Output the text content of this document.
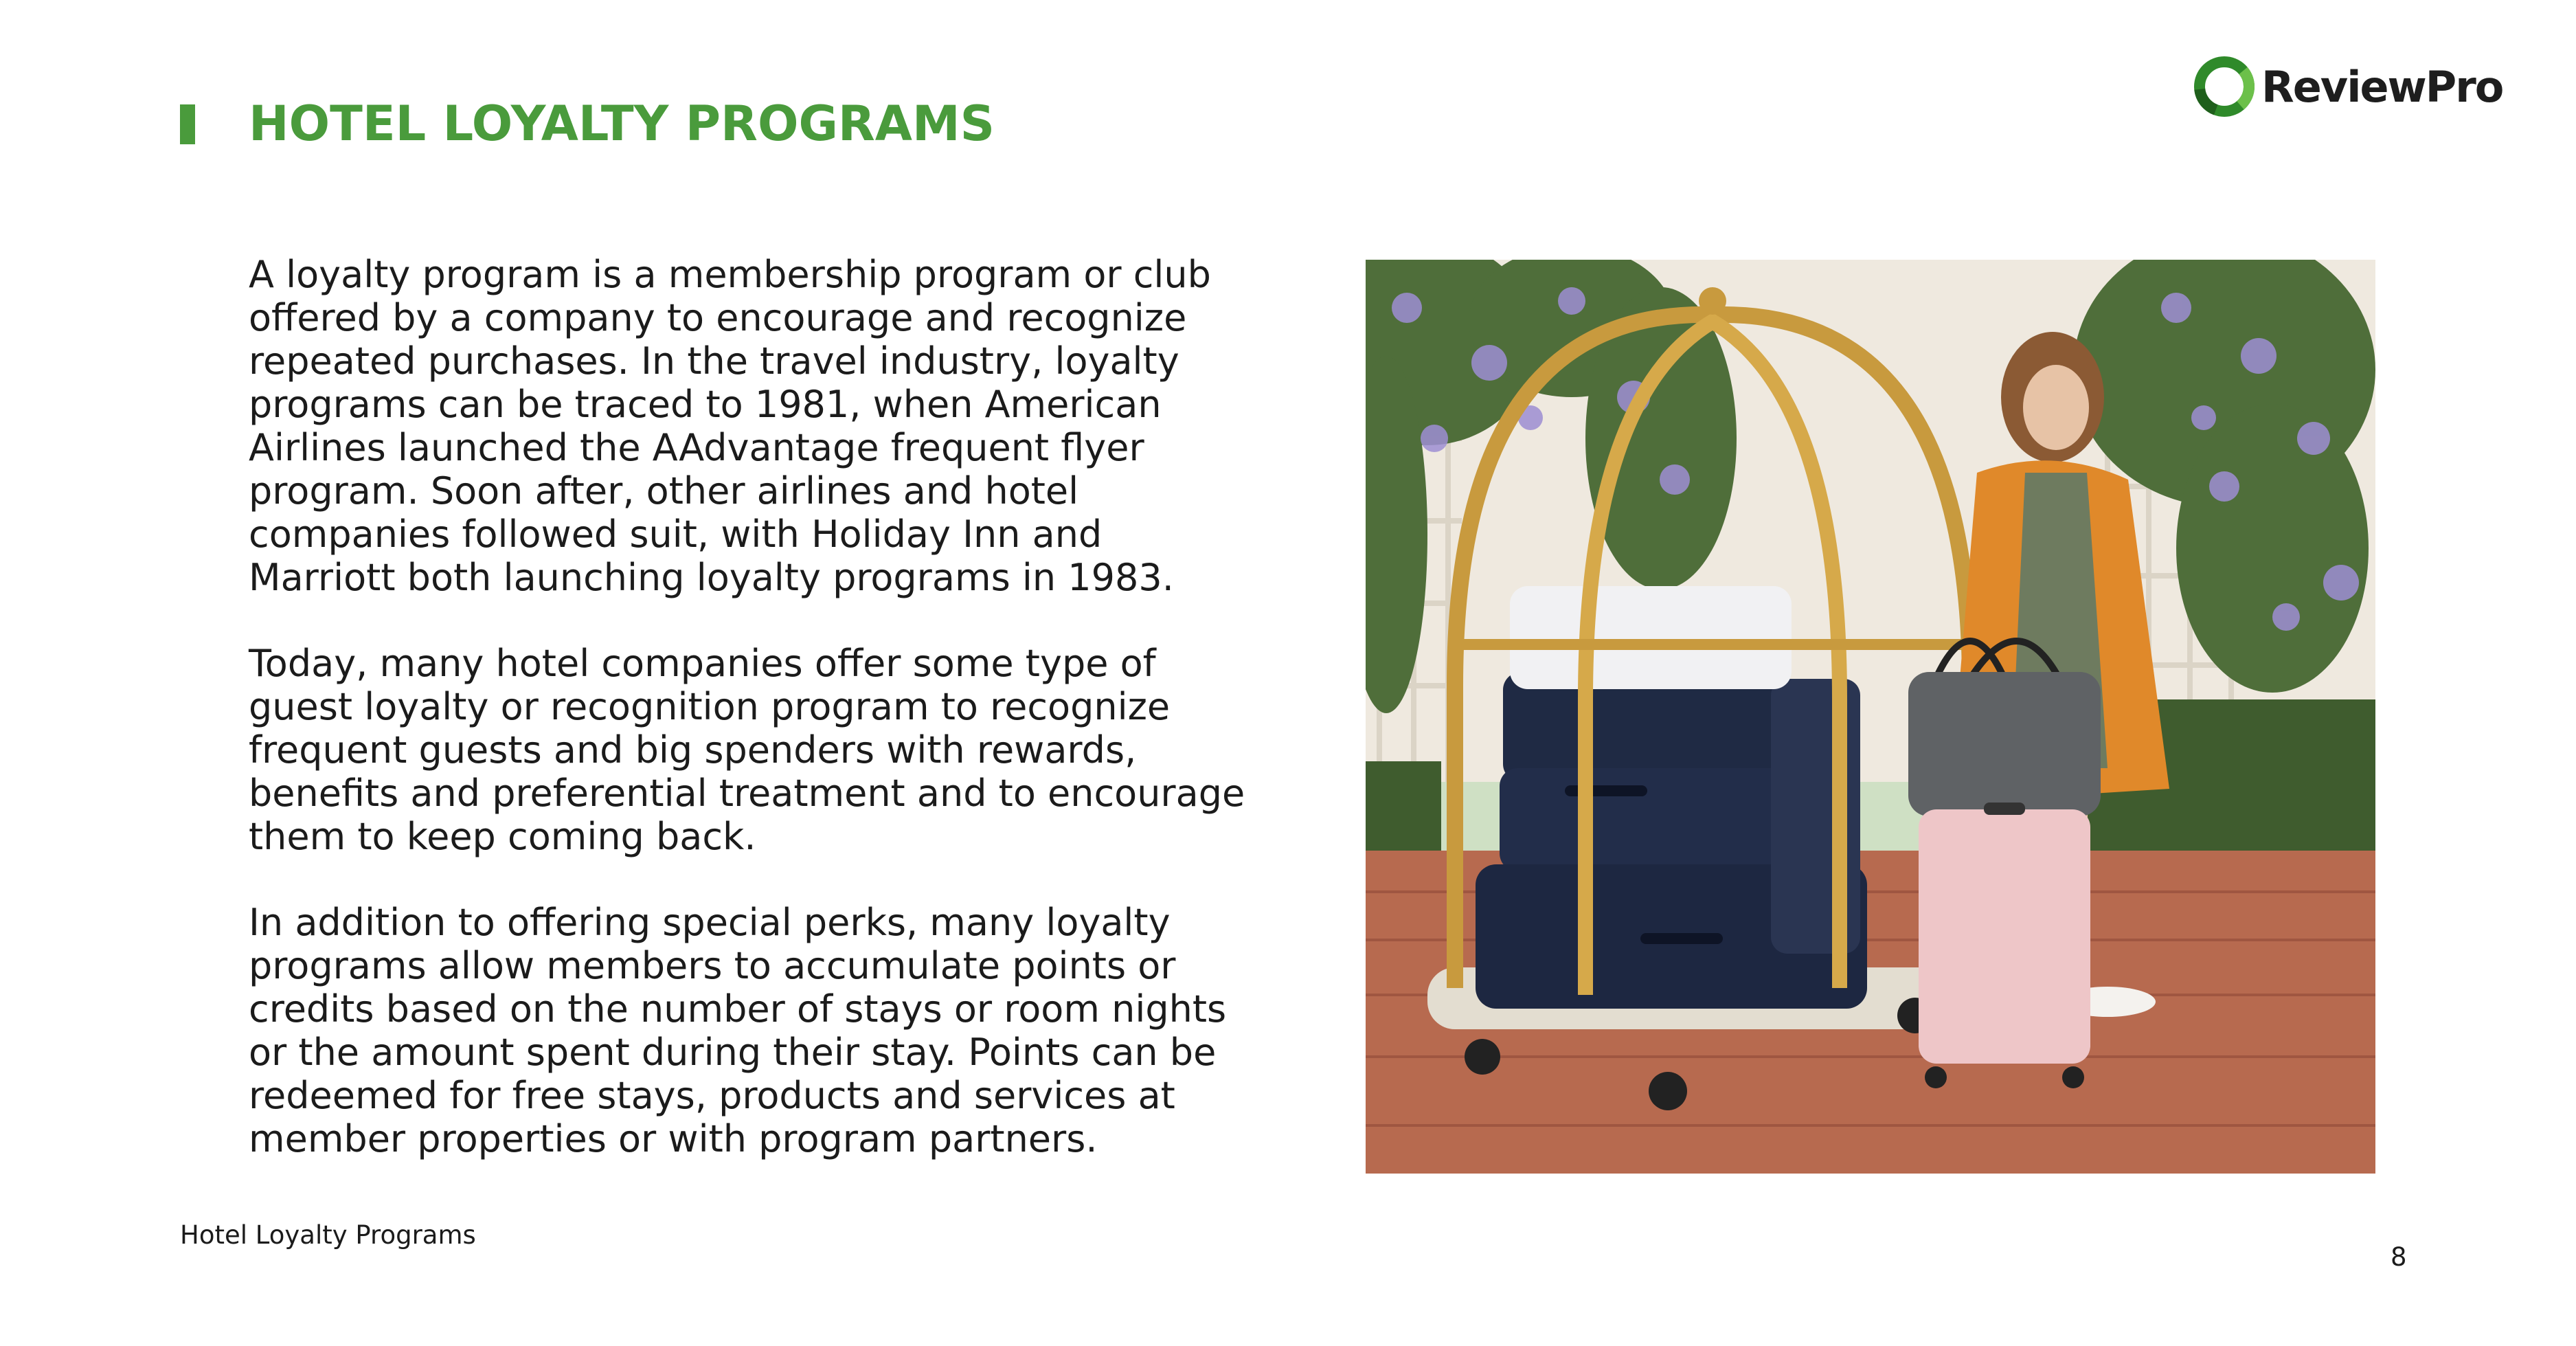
HOTEL LOYALTY PROGRAMS
ReviewPro

A loyalty program is a membership program or club offered by a company to encourage and recognize repeated purchases. In the travel industry, loyalty programs can be traced to 1981, when American Airlines launched the AAdvantage frequent flyer program. Soon after, other airlines and hotel companies followed suit, with Holiday Inn and Marriott both launching loyalty programs in 1983.

Today, many hotel companies offer some type of guest loyalty or recognition program to recognize frequent guests and big spenders with rewards, benefits and preferential treatment and to encourage them to keep coming back.

In addition to offering special perks, many loyalty programs allow members to accumulate points or credits based on the number of stays or room nights or the amount spent during their stay. Points can be redeemed for free stays, products and services at member properties or with program partners.

Hotel Loyalty Programs
8
